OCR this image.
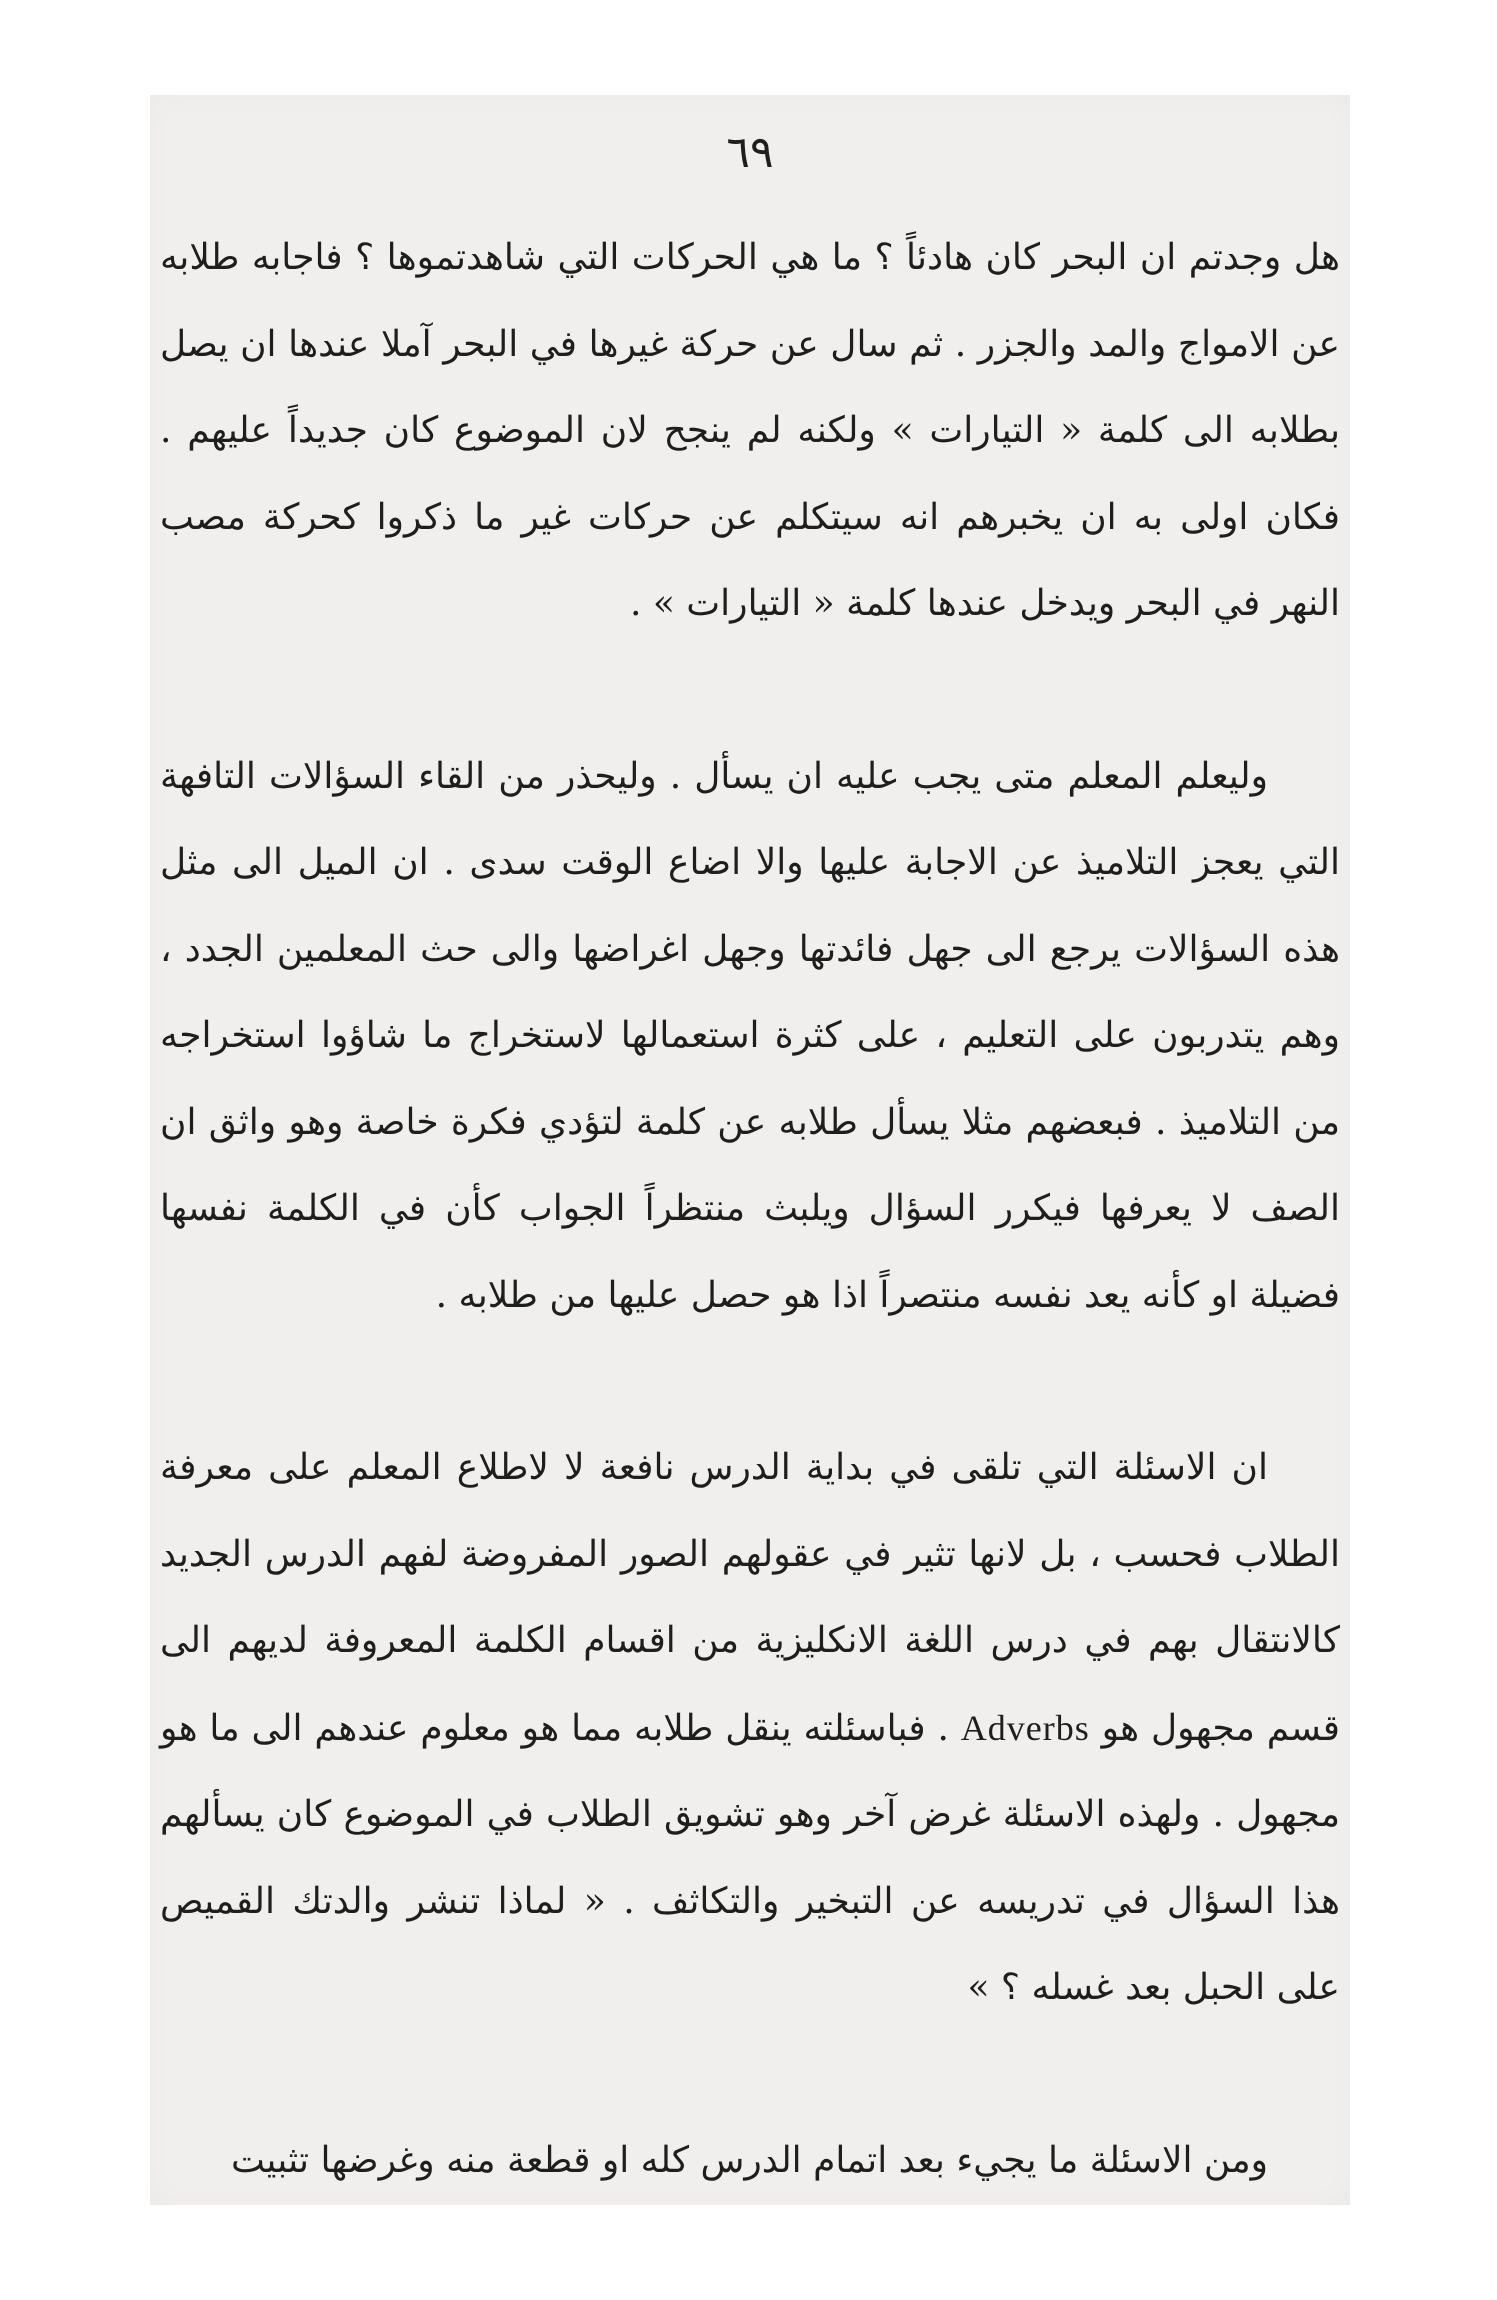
٦٩

هل وجدتم ان البحر كان هادئاً ؟ ما هي الحركات التي شاهدتموها ؟ فاجابه طلابه عن الامواج والمد والجزر . ثم سال عن حركة غيرها في البحر آملا عندها ان يصل بطلابه الى كلمة « التيارات » ولكنه لم ينجح لان الموضوع كان جديداً عليهم . فكان اولى به ان يخبرهم انه سيتكلم عن حركات غير ما ذكروا كحركة مصب النهر في البحر ويدخل عندها كلمة « التيارات » .

وليعلم المعلم متى يجب عليه ان يسأل . وليحذر من القاء السؤالات التافهة التي يعجز التلاميذ عن الاجابة عليها والا اضاع الوقت سدى . ان الميل الى مثل هذه السؤالات يرجع الى جهل فائدتها وجهل اغراضها والى حث المعلمين الجدد ، وهم يتدربون على التعليم ، على كثرة استعمالها لاستخراج ما شاؤوا استخراجه من التلاميذ . فبعضهم مثلا يسأل طلابه عن كلمة لتؤدي فكرة خاصة وهو واثق ان الصف لا يعرفها فيكرر السؤال ويلبث منتظراً الجواب كأن في الكلمة نفسها فضيلة او كأنه يعد نفسه منتصراً اذا هو حصل عليها من طلابه .

ان الاسئلة التي تلقى في بداية الدرس نافعة لا لاطلاع المعلم على معرفة الطلاب فحسب ، بل لانها تثير في عقولهم الصور المفروضة لفهم الدرس الجديد كالانتقال بهم في درس اللغة الانكليزية من اقسام الكلمة المعروفة لديهم الى قسم مجهول هو Adverbs . فباسئلته ينقل طلابه مما هو معلوم عندهم الى ما هو مجهول . ولهذه الاسئلة غرض آخر وهو تشويق الطلاب في الموضوع كان يسألهم هذا السؤال في تدريسه عن التبخير والتكاثف . « لماذا تنشر والدتك القميص على الحبل بعد غسله ؟ »

ومن الاسئلة ما يجيء بعد اتمام الدرس كله او قطعة منه وغرضها تثبيت
